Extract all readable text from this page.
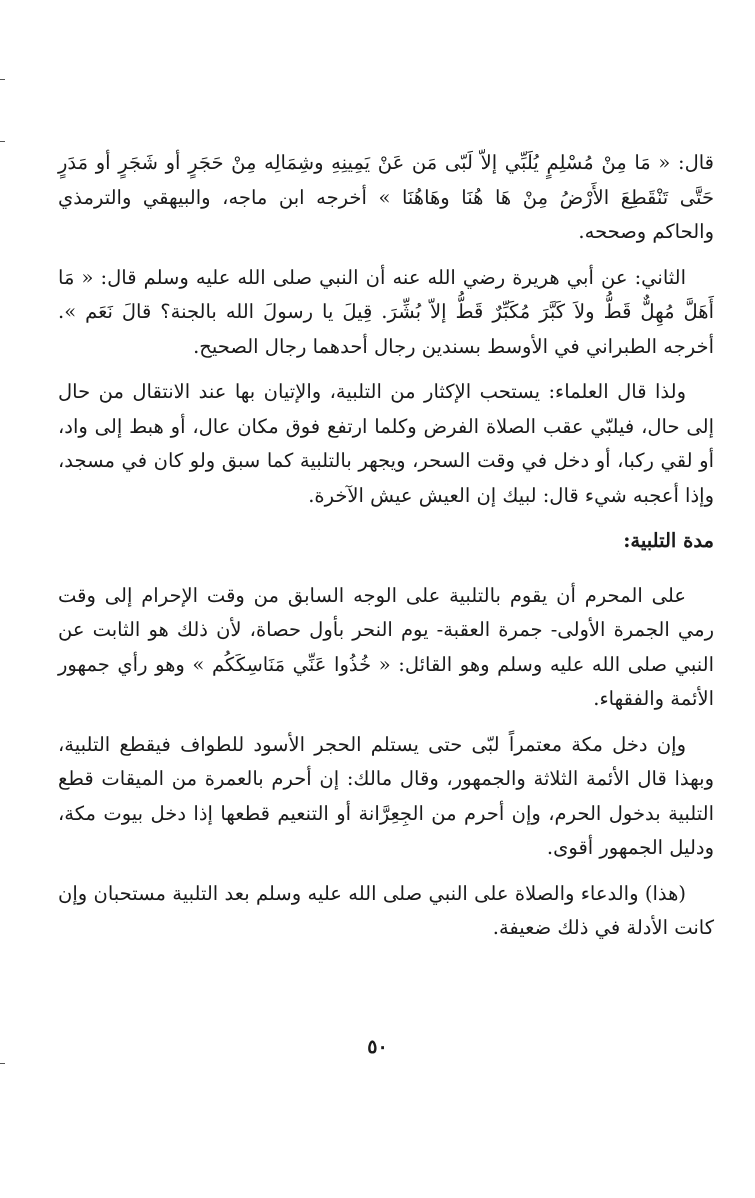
قال: « مَا مِنْ مُسْلِمٍ يُلَبِّي إلاّ لَبّى مَن عَنْ يَمِينِهِ وشِمَالِه مِنْ حَجَرٍ أو شَجَرٍ أو مَدَرٍ حَتَّى تَنْقَطِعَ الأَرْضُ مِنْ هَا هُنَا وهَاهُنَا » أخرجه ابن ماجه، والبيهقي والترمذي والحاكم وصححه.

الثاني: عن أبي هريرة رضي الله عنه أن النبي صلى الله عليه وسلم قال: « مَا أَهَلَّ مُهِلٌّ قَطُّ ولاَ كَبَّرَ مُكَبِّرٌ قَطُّ إلاّ بُشِّرَ. قِيلَ يا رسولَ الله بالجنة؟ قالَ نَعَم ». أخرجه الطبراني في الأوسط بسندين رجال أحدهما رجال الصحيح.

ولذا قال العلماء: يستحب الإكثار من التلبية، والإتيان بها عند الانتقال من حال إلى حال، فيلبّي عقب الصلاة الفرض وكلما ارتفع فوق مكان عال، أو هبط إلى واد، أو لقي ركبا، أو دخل في وقت السحر، ويجهر بالتلبية كما سبق ولو كان في مسجد، وإذا أعجبه شيء قال: لبيك إن العيش عيش الآخرة.

مدة التلبية:

على المحرم أن يقوم بالتلبية على الوجه السابق من وقت الإحرام إلى وقت رمي الجمرة الأولى- جمرة العقبة- يوم النحر بأول حصاة، لأن ذلك هو الثابت عن النبي صلى الله عليه وسلم وهو القائل: « خُذُوا عَنِّي مَنَاسِكَكُم » وهو رأي جمهور الأئمة والفقهاء.

وإن دخل مكة معتمراً لبّى حتى يستلم الحجر الأسود للطواف فيقطع التلبية، وبهذا قال الأئمة الثلاثة والجمهور، وقال مالك: إن أحرم بالعمرة من الميقات قطع التلبية بدخول الحرم، وإن أحرم من الجِعِرَّانة أو التنعيم قطعها إذا دخل بيوت مكة، ودليل الجمهور أقوى.

(هذا) والدعاء والصلاة على النبي صلى الله عليه وسلم بعد التلبية مستحبان وإن كانت الأدلة في ذلك ضعيفة.

٥٠
